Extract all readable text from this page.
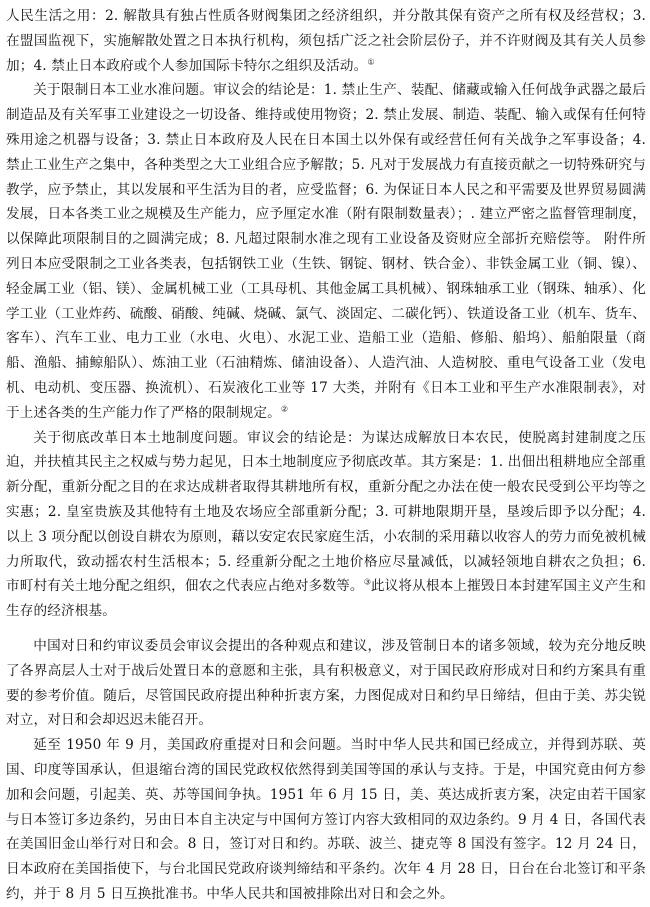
人民生活之用：2. 解散具有独占性质各财阀集团之经济组织，并分散其保有资产之所有权及经营权；3. 在盟国监视下，实施解散处置之日本执行机构，须包括广泛之社会阶层份子，并不许财阀及其有关人员参加；4. 禁止日本政府或个人参加国际卡特尔之组织及活动。①

关于限制日本工业水准问题。审议会的结论是：1. 禁止生产、装配、储藏或输入任何战争武器之最后制造品及有关军事工业建设之一切设备、维持或使用物资；2. 禁止发展、制造、装配、输入或保有任何特殊用途之机器与设备；3. 禁止日本政府及人民在日本国土以外保有或经营任何有关战争之军事设备；4. 禁止工业生产之集中，各种类型之大工业组合应予解散；5. 凡对于发展战力有直接贡献之一切特殊研究与教学，应予禁止，其以发展和平生活为目的者，应受监督；6. 为保证日本人民之和平需要及世界贸易圆满发展，日本各类工业之规模及生产能力，应予厘定水准（附有限制数量表）；. 建立严密之监督管理制度，以保障此项限制目的之圆满完成；8. 凡超过限制水准之现有工业设备及资财应全部折充赔偿等。 附件所列日本应受限制之工业各类表，包括钢铁工业（生铁、钢锭、钢材、铁合金）、非铁金属工业（铜、镍）、轻金属工业（铝、镁）、金属机械工业（工具母机、其他金属工具机械）、钢珠轴承工业（钢珠、轴承）、化学工业（工业炸药、硫酸、硝酸、纯碱、烧碱、氯气、淡固定、二碳化钙）、铁道设备工业（机车、货车、客车）、汽车工业、电力工业（水电、火电）、水泥工业、造船工业（造船、修船、船坞）、船舶限量（商船、渔船、捕鲸船队）、炼油工业（石油精炼、储油设备）、人造汽油、人造树胶、重电气设备工业（发电机、电动机、变压器、换流机）、石炭液化工业等 17 大类，并附有《日本工业和平生产水准限制表》，对于上述各类的生产能力作了严格的限制规定。②

关于彻底改革日本土地制度问题。审议会的结论是：为谋达成解放日本农民，使脱离封建制度之压迫，并扶植其民主之权威与势力起见，日本土地制度应予彻底改革。其方案是：1. 出佃出租耕地应全部重新分配，重新分配之目的在求达成耕者取得其耕地所有权，重新分配之办法在使一般农民受到公平均等之实惠；2. 皇室贵族及其他特有土地及农场应全部重新分配；3. 可耕地限期开垦，垦竣后即予以分配；4. 以上 3 项分配以创设自耕农为原则，藉以安定农民家庭生活，小农制的采用藉以收容人的劳力而免被机械力所取代，致动摇农村生活根本；5. 经重新分配之土地价格应尽量减低，以减轻领地自耕农之负担；6. 市町村有关土地分配之组织，佃农之代表应占绝对多数等。③此议将从根本上摧毁日本封建军国主义产生和生存的经济根基。

中国对日和约审议委员会审议会提出的各种观点和建议，涉及管制日本的诸多领域，较为充分地反映了各界高层人士对于战后处置日本的意愿和主张，具有积极意义，对于国民政府形成对日和约方案具有重要的参考价值。随后，尽管国民政府提出种种折衷方案，力图促成对日和约早日缔结，但由于美、苏尖锐对立，对日和会却迟迟未能召开。

延至 1950 年 9 月，美国政府重提对日和会问题。当时中华人民共和国已经成立，并得到苏联、英国、印度等国承认，但退缩台湾的国民党政权依然得到美国等国的承认与支持。于是，中国究竟由何方参加和会问题，引起美、英、苏等国间争执。1951 年 6 月 15 日，美、英达成折衷方案，决定由若干国家与日本签订多边条约，另由日本自主决定与中国何方签订内容大致相同的双边条约。9 月 4 日，各国代表在美国旧金山举行对日和会。8 日，签订对日和约。苏联、波兰、捷克等 8 国没有签字。12 月 24 日，日本政府在美国指使下，与台北国民党政府谈判缔结和平条约。次年 4 月 28 日，日台在台北签订和平条约，并于 8 月 5 日互换批准书。中华人民共和国被排除出对日和会之外。
